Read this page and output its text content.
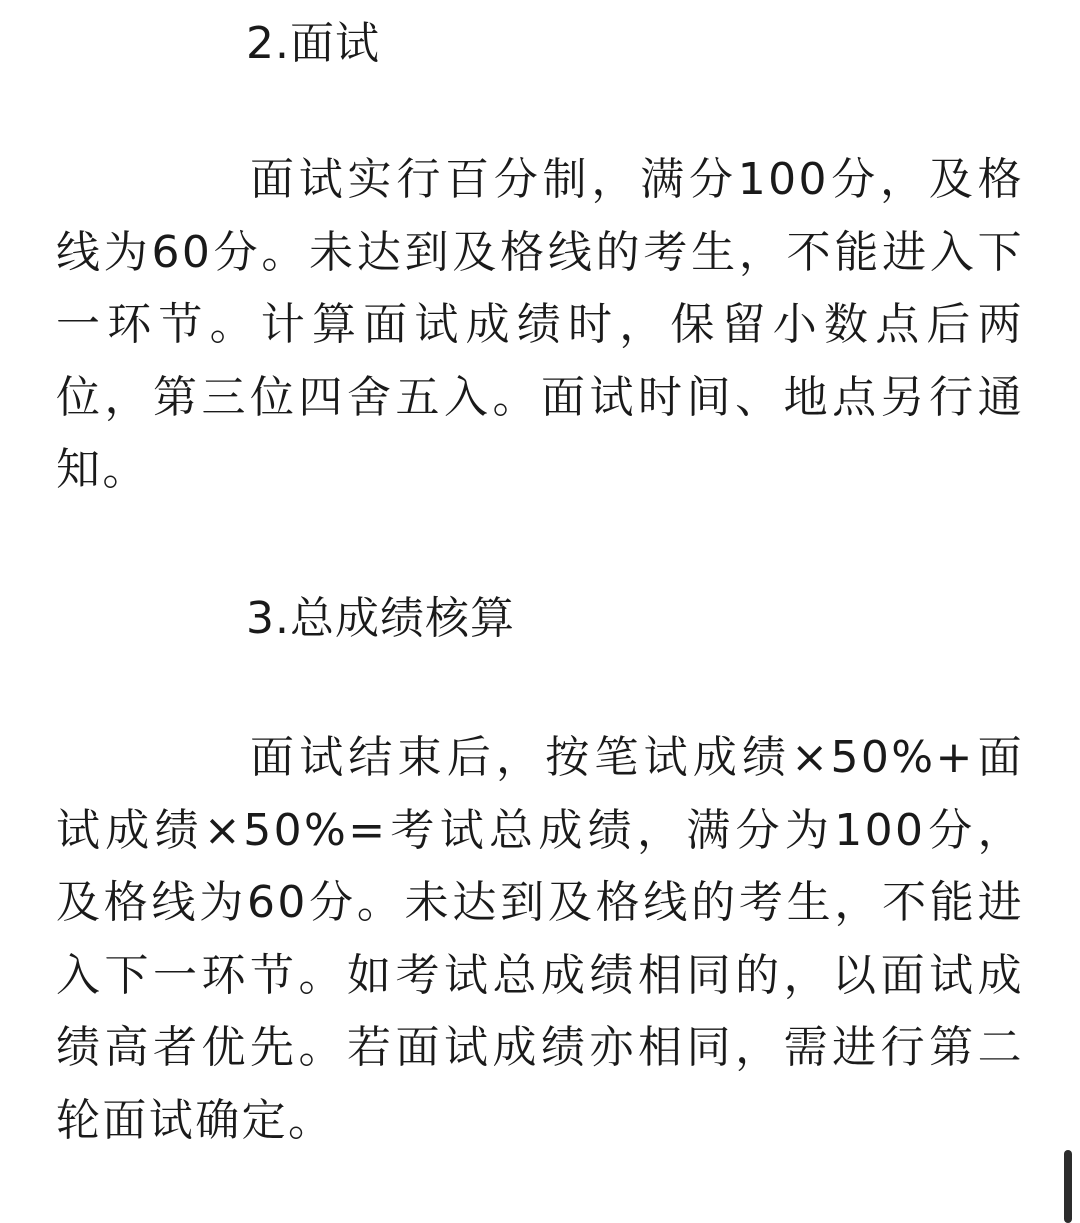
2.面试

面试实行百分制，满分100分，及格线为60分。未达到及格线的考生，不能进入下一环节。计算面试成绩时，保留小数点后两位，第三位四舍五入。面试时间、地点另行通知。

3.总成绩核算

面试结束后，按笔试成绩×50%+面试成绩×50%=考试总成绩，满分为100分，及格线为60分。未达到及格线的考生，不能进入下一环节。如考试总成绩相同的，以面试成绩高者优先。若面试成绩亦相同，需进行第二轮面试确定。
